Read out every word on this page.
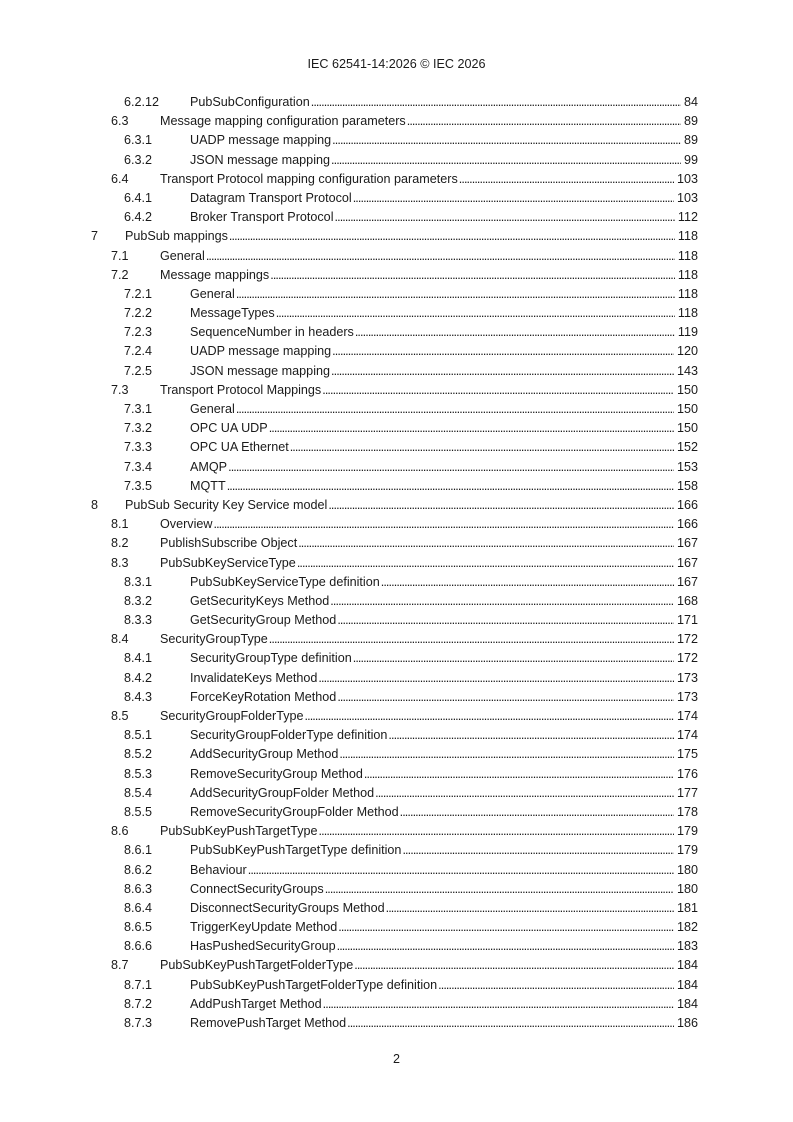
IEC 62541-14:2026 © IEC 2026
6.2.12 PubSubConfiguration . . .	84
6.3 Message mapping configuration parameters . . .	89
6.3.1	UADP message mapping . . .	89
6.3.2	JSON message mapping . . .	99
6.4 Transport Protocol mapping configuration parameters . . .	103
6.4.1	Datagram Transport Protocol . . .	103
6.4.2	Broker Transport Protocol . . .	112
7 PubSub mappings . . .	118
7.1 General . . .	118
7.2 Message mappings . . .	118
7.2.1	General . . .	118
7.2.2	MessageTypes . . .	118
7.2.3	SequenceNumber in headers . . .	119
7.2.4	UADP message mapping . . .	120
7.2.5	JSON message mapping . . .	143
7.3 Transport Protocol Mappings . . .	150
7.3.1	General . . .	150
7.3.2	OPC UA UDP . . .	150
7.3.3	OPC UA Ethernet . . .	152
7.3.4	AMQP . . .	153
7.3.5	MQTT . . .	158
8 PubSub Security Key Service model . . .	166
8.1 Overview . . .	166
8.2 PublishSubscribe Object . . .	167
8.3 PubSubKeyServiceType . . .	167
8.3.1	PubSubKeyServiceType definition . . .	167
8.3.2	GetSecurityKeys Method . . .	168
8.3.3	GetSecurityGroup Method . . .	171
8.4 SecurityGroupType . . .	172
8.4.1	SecurityGroupType definition . . .	172
8.4.2	InvalidateKeys Method . . .	173
8.4.3	ForceKeyRotation Method . . .	173
8.5 SecurityGroupFolderType . . .	174
8.5.1	SecurityGroupFolderType definition . . .	174
8.5.2	AddSecurityGroup Method . . .	175
8.5.3	RemoveSecurityGroup Method . . .	176
8.5.4	AddSecurityGroupFolder Method . . .	177
8.5.5	RemoveSecurityGroupFolder Method . . .	178
8.6 PubSubKeyPushTargetType . . .	179
8.6.1	PubSubKeyPushTargetType definition . . .	179
8.6.2	Behaviour . . .	180
8.6.3	ConnectSecurityGroups . . .	180
8.6.4	DisconnectSecurityGroups Method . . .	181
8.6.5	TriggerKeyUpdate Method . . .	182
8.6.6	HasPushedSecurityGroup . . .	183
8.7 PubSubKeyPushTargetFolderType . . .	184
8.7.1	PubSubKeyPushTargetFolderType definition . . .	184
8.7.2	AddPushTarget Method . . .	184
8.7.3	RemovePushTarget Method . . .	186
2
